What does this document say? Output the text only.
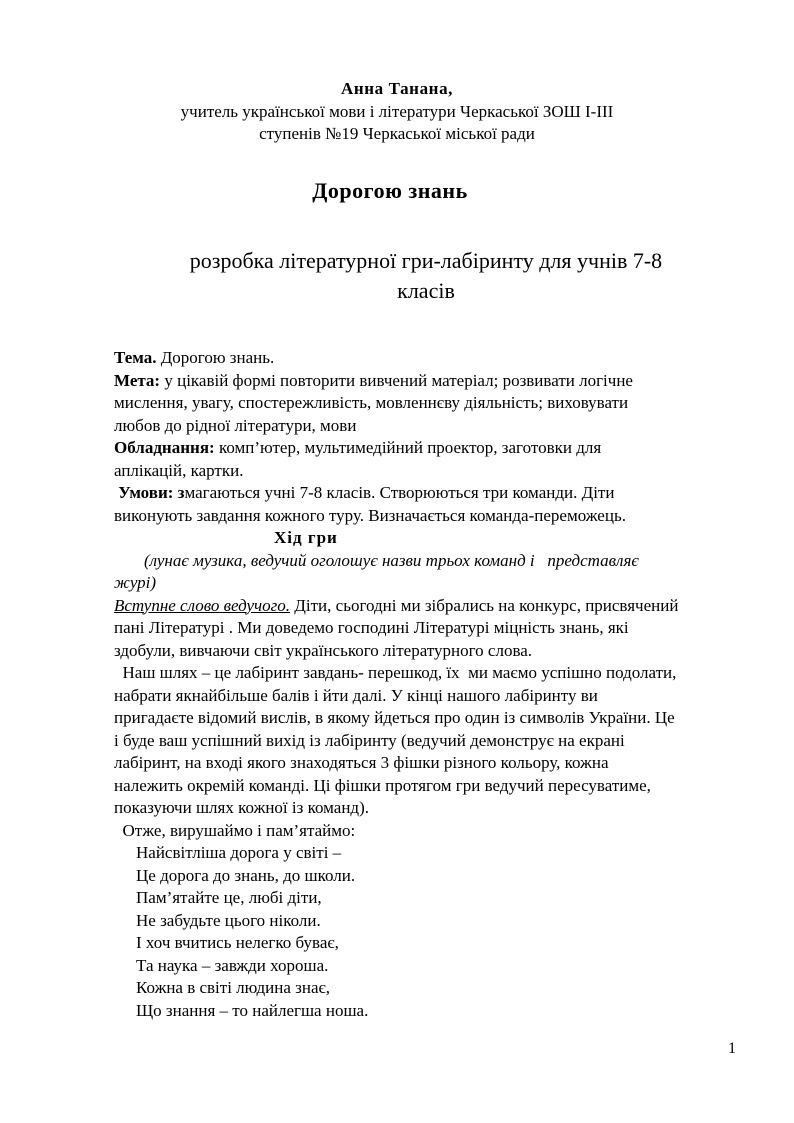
Анна Танана,
учитель української мови і літератури Черкаської ЗОШ І-ІІІ
ступенів №19 Черкаської міської ради
Дорогою знань
розробка літературної гри-лабіринту для учнів 7-8
класів
Тема. Дорогою знань.
Мета: у цікавій формі повторити вивчений матеріал; розвивати логічне
мислення, увагу, спостережливість, мовленнєву діяльність; виховувати
любов до рідної літератури, мови
Обладнання: комп’ютер, мультимедійний проектор, заготовки для
аплікацій, картки.
Умови: змагаються учні 7-8 класів. Створюються три команди. Діти
виконують завдання кожного туру. Визначається команда-переможець.
Хід гри
(лунає музика, ведучий оголошує назви трьох команд і   представляє
журі)
Вступне слово ведучого. Діти, сьогодні ми зібрались на конкурс, присвячений
пані Літературі . Ми доведемо господині Літературі міцність знань, які
здобули, вивчаючи світ українського літературного слова.
Наш шлях – це лабіринт завдань- перешкод, їх  ми маємо успішно подолати,
набрати якнайбільше балів і йти далі. У кінці нашого лабіринту ви
пригадаєте відомий вислів, в якому йдеться про один із символів України. Це
і буде ваш успішний вихід із лабіринту (ведучий демонструє на екрані
лабіринт, на вході якого знаходяться 3 фішки різного кольору, кожна
належить окремій команді. Ці фішки протягом гри ведучий пересуватиме,
показуючи шлях кожної із команд).
Отже, вирушаймо і пам’ятаймо:
Найсвітліша дорога у світі –
Це дорога до знань, до школи.
Пам’ятайте це, любі діти,
Не забудьте цього ніколи.
І хоч вчитись нелегко буває,
Та наука – завжди хороша.
Кожна в світі людина знає,
Що знання – то найлегша ноша.
1
